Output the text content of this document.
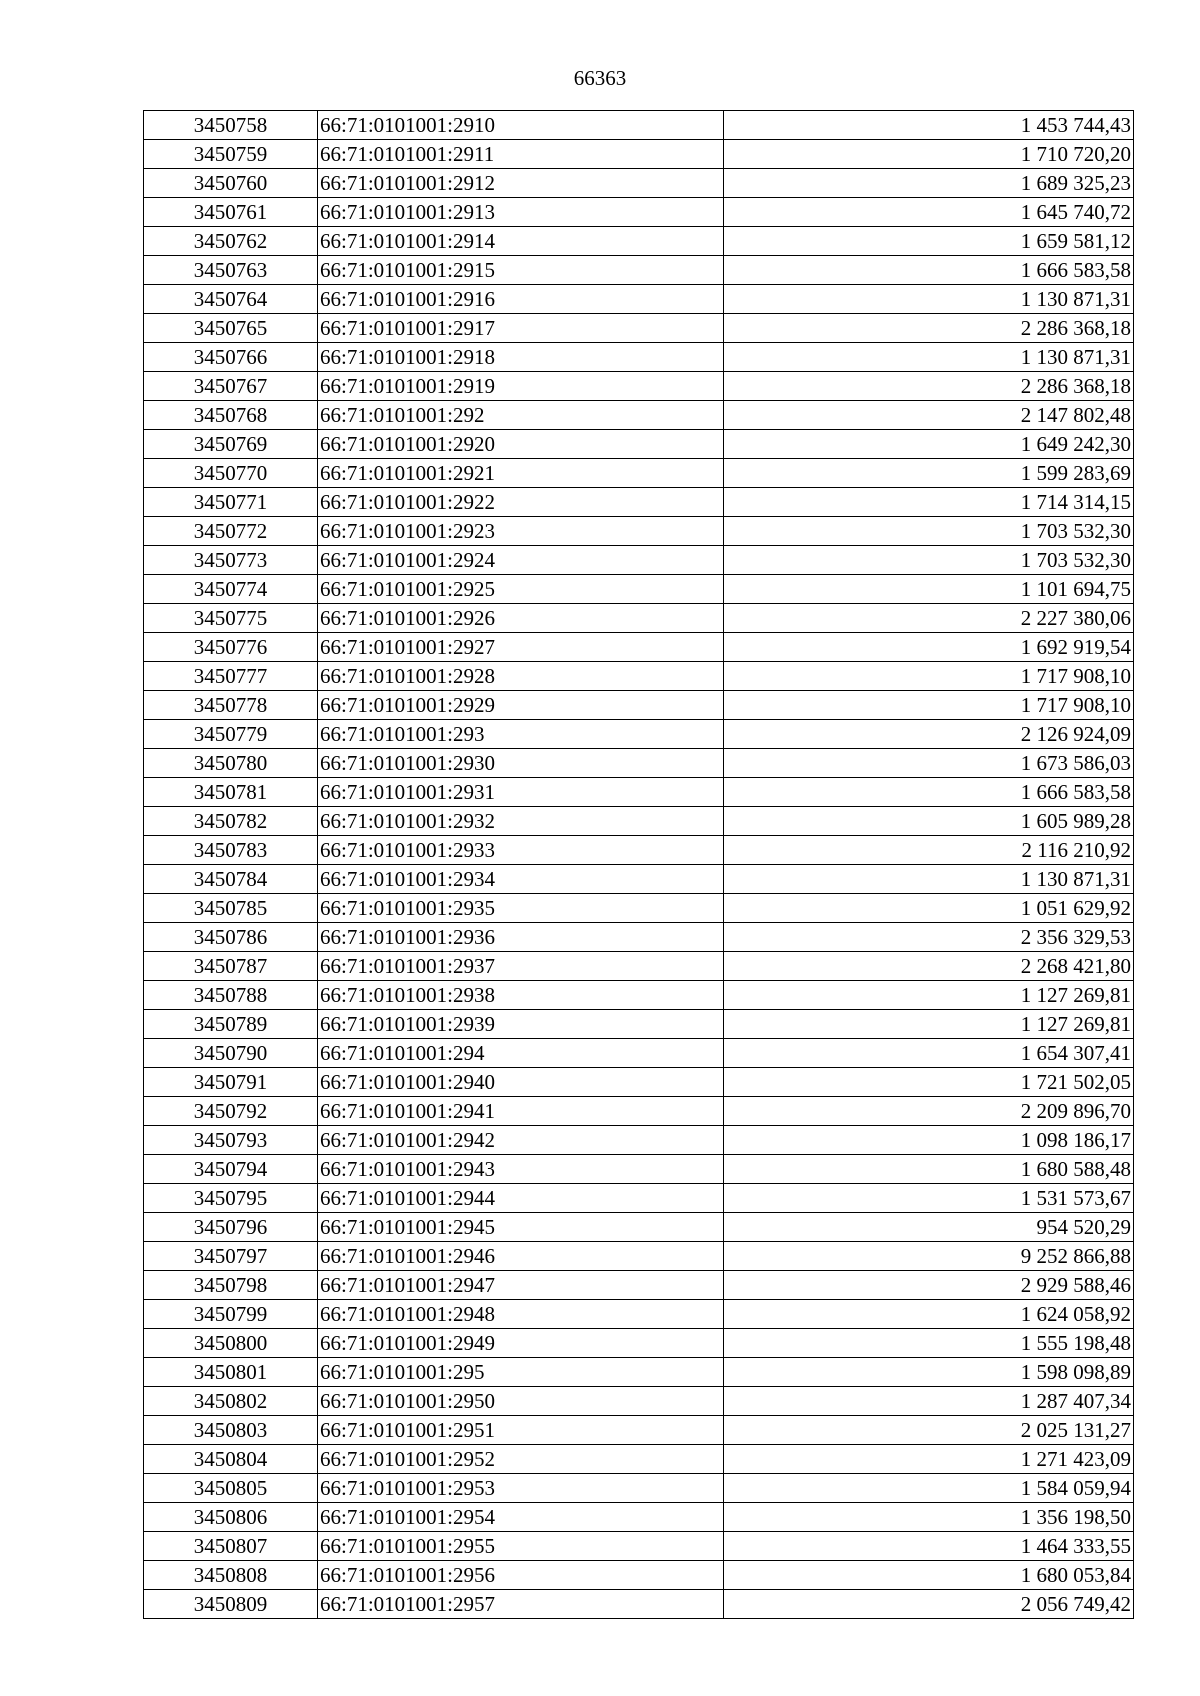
66363
3450758	66:71:0101001:2910	1 453 744,43
3450759	66:71:0101001:2911	1 710 720,20
3450760	66:71:0101001:2912	1 689 325,23
3450761	66:71:0101001:2913	1 645 740,72
3450762	66:71:0101001:2914	1 659 581,12
3450763	66:71:0101001:2915	1 666 583,58
3450764	66:71:0101001:2916	1 130 871,31
3450765	66:71:0101001:2917	2 286 368,18
3450766	66:71:0101001:2918	1 130 871,31
3450767	66:71:0101001:2919	2 286 368,18
3450768	66:71:0101001:292	2 147 802,48
3450769	66:71:0101001:2920	1 649 242,30
3450770	66:71:0101001:2921	1 599 283,69
3450771	66:71:0101001:2922	1 714 314,15
3450772	66:71:0101001:2923	1 703 532,30
3450773	66:71:0101001:2924	1 703 532,30
3450774	66:71:0101001:2925	1 101 694,75
3450775	66:71:0101001:2926	2 227 380,06
3450776	66:71:0101001:2927	1 692 919,54
3450777	66:71:0101001:2928	1 717 908,10
3450778	66:71:0101001:2929	1 717 908,10
3450779	66:71:0101001:293	2 126 924,09
3450780	66:71:0101001:2930	1 673 586,03
3450781	66:71:0101001:2931	1 666 583,58
3450782	66:71:0101001:2932	1 605 989,28
3450783	66:71:0101001:2933	2 116 210,92
3450784	66:71:0101001:2934	1 130 871,31
3450785	66:71:0101001:2935	1 051 629,92
3450786	66:71:0101001:2936	2 356 329,53
3450787	66:71:0101001:2937	2 268 421,80
3450788	66:71:0101001:2938	1 127 269,81
3450789	66:71:0101001:2939	1 127 269,81
3450790	66:71:0101001:294	1 654 307,41
3450791	66:71:0101001:2940	1 721 502,05
3450792	66:71:0101001:2941	2 209 896,70
3450793	66:71:0101001:2942	1 098 186,17
3450794	66:71:0101001:2943	1 680 588,48
3450795	66:71:0101001:2944	1 531 573,67
3450796	66:71:0101001:2945	954 520,29
3450797	66:71:0101001:2946	9 252 866,88
3450798	66:71:0101001:2947	2 929 588,46
3450799	66:71:0101001:2948	1 624 058,92
3450800	66:71:0101001:2949	1 555 198,48
3450801	66:71:0101001:295	1 598 098,89
3450802	66:71:0101001:2950	1 287 407,34
3450803	66:71:0101001:2951	2 025 131,27
3450804	66:71:0101001:2952	1 271 423,09
3450805	66:71:0101001:2953	1 584 059,94
3450806	66:71:0101001:2954	1 356 198,50
3450807	66:71:0101001:2955	1 464 333,55
3450808	66:71:0101001:2956	1 680 053,84
3450809	66:71:0101001:2957	2 056 749,42
